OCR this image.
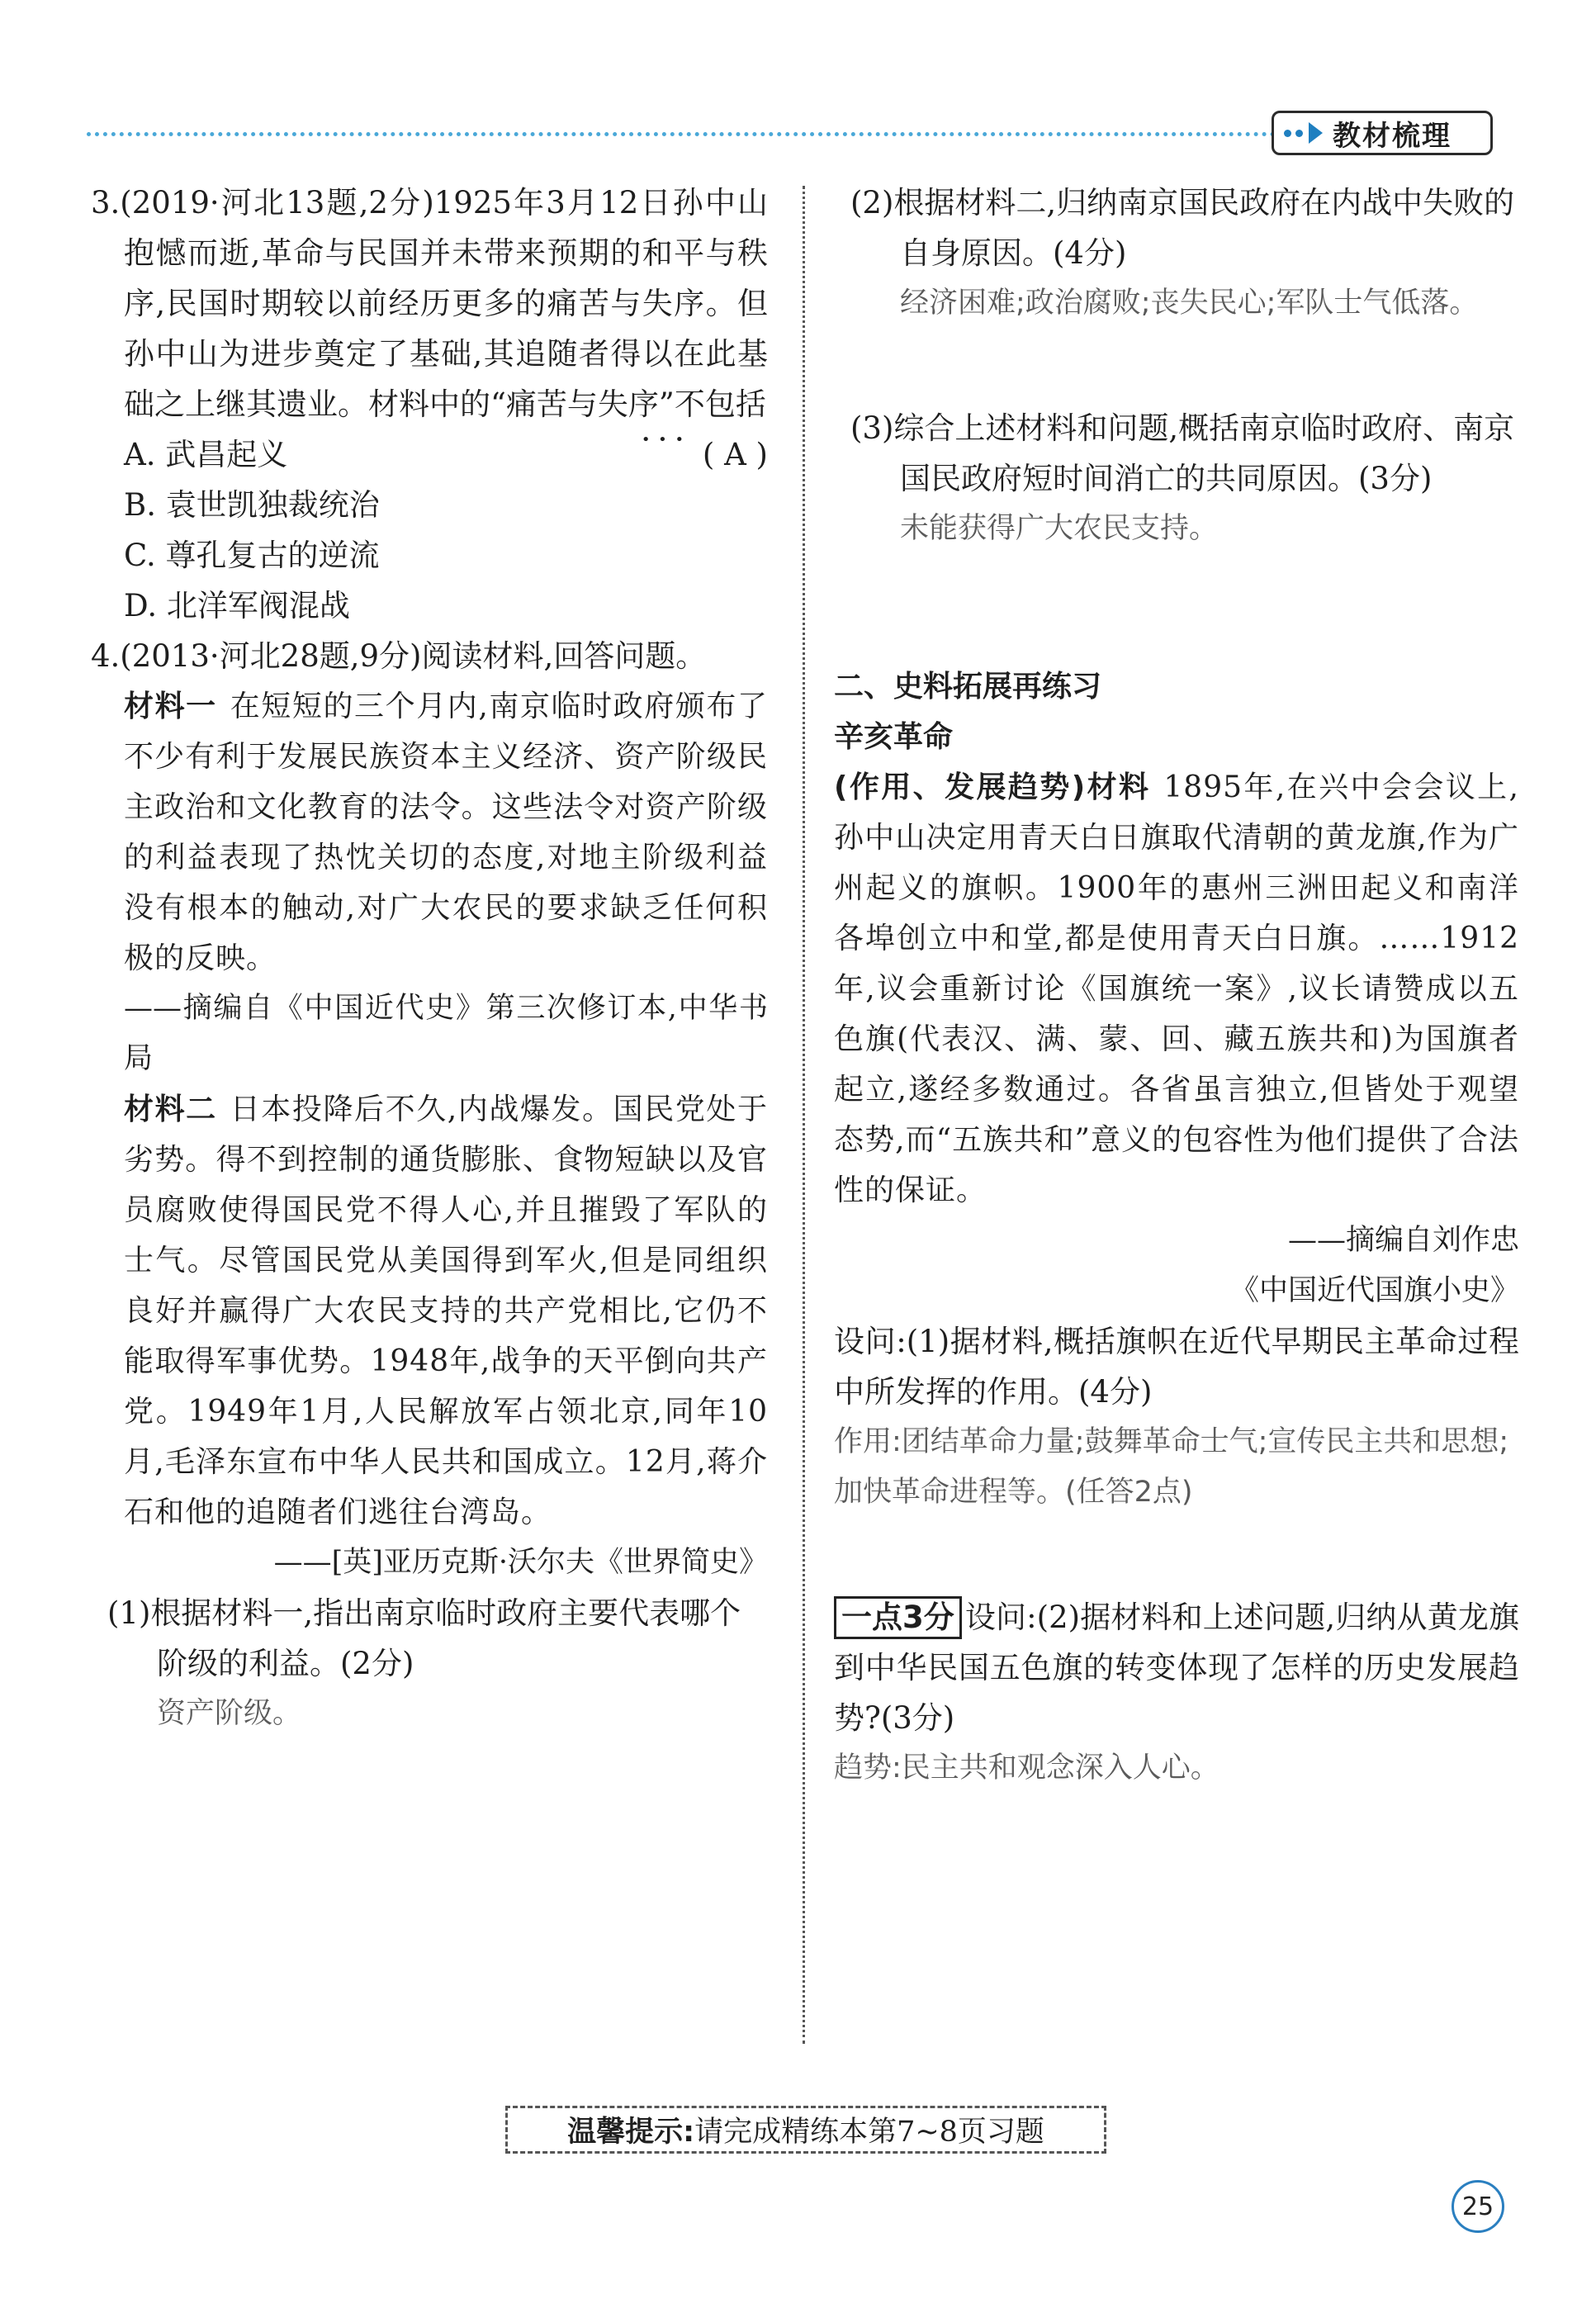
教材梳理

3.(2019·河北13题,2分)1925年3月12日孙中山抱憾而逝,革命与民国并未带来预期的和平与秩序,民国时期较以前经历更多的痛苦与失序。但孙中山为进步奠定了基础,其追随者得以在此基础之上继其遗业。材料中的“痛苦与失序”不包括 • • •
( A )

A. 武昌起义

B. 袁世凯独裁统治

C. 尊孔复古的逆流

D. 北洋军阀混战

4.(2013·河北28题,9分)阅读材料,回答问题。

材料一 在短短的三个月内,南京临时政府颁布了不少有利于发展民族资本主义经济、资产阶级民主政治和文化教育的法令。这些法令对资产阶级的利益表现了热忱关切的态度,对地主阶级利益没有根本的触动,对广大农民的要求缺乏任何积极的反映。

——摘编自《中国近代史》第三次修订本,中华书局

材料二 日本投降后不久,内战爆发。国民党处于劣势。得不到控制的通货膨胀、食物短缺以及官员腐败使得国民党不得人心,并且摧毁了军队的士气。尽管国民党从美国得到军火,但是同组织良好并赢得广大农民支持的共产党相比,它仍不能取得军事优势。1948年,战争的天平倒向共产党。1949年1月,人民解放军占领北京,同年10月,毛泽东宣布中华人民共和国成立。12月,蒋介石和他的追随者们逃往台湾岛。

——[英]亚历克斯·沃尔夫《世界简史》

(1)根据材料一,指出南京临时政府主要代表哪个阶级的利益。(2分)

资产阶级。

(2)根据材料二,归纳南京国民政府在内战中失败的自身原因。(4分)

经济困难;政治腐败;丧失民心;军队士气低落。

(3)综合上述材料和问题,概括南京临时政府、南京国民政府短时间消亡的共同原因。(3分)

未能获得广大农民支持。

二、史料拓展再练习

辛亥革命

(作用、发展趋势)材料 1895年,在兴中会会议上,孙中山决定用青天白日旗取代清朝的黄龙旗,作为广州起义的旗帜。1900年的惠州三洲田起义和南洋各埠创立中和堂,都是使用青天白日旗。……1912年,议会重新讨论《国旗统一案》,议长请赞成以五色旗(代表汉、满、蒙、回、藏五族共和)为国旗者起立,遂经多数通过。各省虽言独立,但皆处于观望态势,而“五族共和”意义的包容性为他们提供了合法性的保证。

——摘编自刘作忠

《中国近代国旗小史》

设问:(1)据材料,概括旗帜在近代早期民主革命过程中所发挥的作用。(4分)

作用:团结革命力量;鼓舞革命士气;宣传民主共和思想;加快革命进程等。(任答2点)

一点3分 设问:(2)据材料和上述问题,归纳从黄龙旗到中华民国五色旗的转变体现了怎样的历史发展趋势?(3分)

趋势:民主共和观念深入人心。

温馨提示: 请完成精练本第7~8页习题
25
